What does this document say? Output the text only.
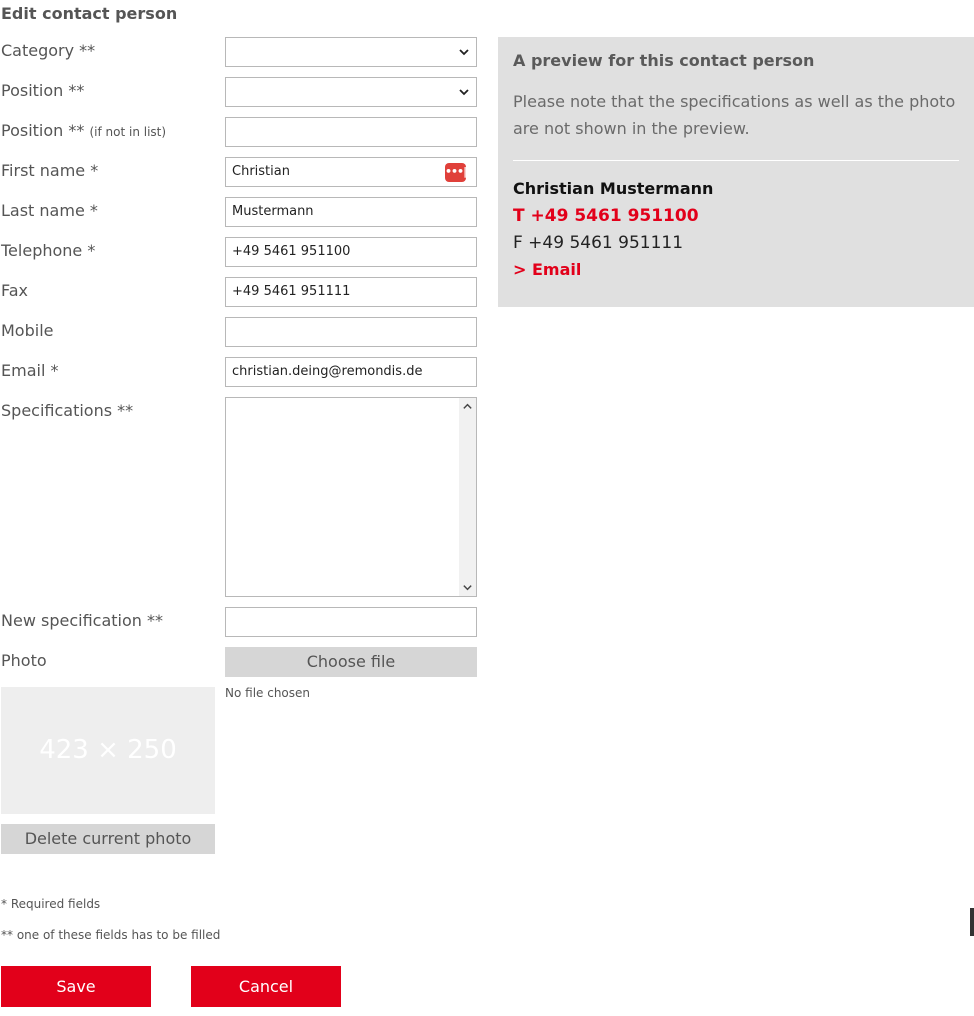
Edit contact person
Category **
Position **
Position ** (if not in list)
First name *
Last name *
Telephone *
Fax
Mobile
Email *
Specifications **
New specification **
Photo
Christian	•••|
Mustermann
+49 5461 951100
+49 5461 951111
christian.deing@remondis.de
Choose file
No file chosen
423 × 250
Delete current photo
* Required fields
** one of these fields has to be filled
Save	Cancel
A preview for this contact person
Please note that the specifications as well as the photo are not shown in the preview.
Christian Mustermann
T +49 5461 951100
F +49 5461 951111
> Email
